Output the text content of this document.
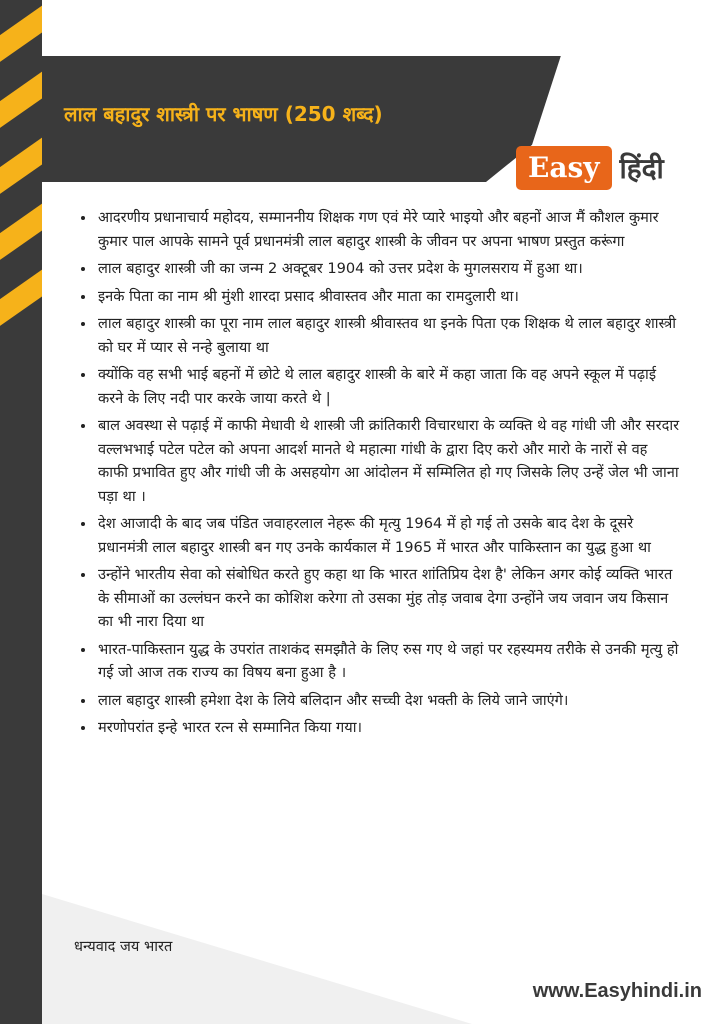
लाल बहादुर शास्त्री पर भाषण (250 शब्द)
Easy हिंदी
• आदरणीय प्रधानाचार्य महोदय, सम्माननीय शिक्षक गण एवं मेरे प्यारे भाइयो और बहनों आज मैं कौशल कुमार कुमार पाल आपके सामने पूर्व प्रधानमंत्री लाल बहादुर शास्त्री के जीवन पर अपना भाषण प्रस्तुत करूंगा
• लाल बहादुर शास्त्री जी का जन्म 2 अक्टूबर 1904 को उत्तर प्रदेश के मुगलसराय में हुआ था।
• इनके पिता का नाम श्री मुंशी शारदा प्रसाद श्रीवास्तव और माता का रामदुलारी था।
• लाल बहादुर शास्त्री का पूरा नाम लाल बहादुर शास्त्री श्रीवास्तव था इनके पिता एक शिक्षक थे लाल बहादुर शास्त्री को घर में प्यार से नन्हे बुलाया था
• क्योंकि वह सभी भाई बहनों में छोटे थे लाल बहादुर शास्त्री के बारे में कहा जाता कि वह अपने स्कूल में पढ़ाई करने के लिए नदी पार करके जाया करते थे |
• बाल अवस्था से पढ़ाई में काफी मेधावी थे शास्त्री जी क्रांतिकारी विचारधारा के व्यक्ति थे वह गांधी जी और सरदार वल्लभभाई पटेल पटेल को अपना आदर्श मानते थे महात्मा गांधी के द्वारा दिए करो और मारो के नारों से वह काफी प्रभावित हुए और गांधी जी के असहयोग आ आंदोलन में सम्मिलित हो गए जिसके लिए उन्हें जेल भी जाना पड़ा था ।
• देश आजादी के बाद जब पंडित जवाहरलाल नेहरू की मृत्यु 1964 में हो गई तो उसके बाद देश के दूसरे प्रधानमंत्री लाल बहादुर शास्त्री बन गए उनके कार्यकाल में 1965 में भारत और पाकिस्तान का युद्ध हुआ था
• उन्होंने भारतीय सेवा को संबोधित करते हुए कहा था कि भारत शांतिप्रिय देश है' लेकिन अगर कोई व्यक्ति भारत के सीमाओं का उल्लंघन करने का कोशिश करेगा तो उसका मुंह तोड़ जवाब देगा उन्होंने जय जवान जय किसान का भी नारा दिया था
• भारत-पाकिस्तान युद्ध के उपरांत ताशकंद समझौते के लिए रुस गए थे जहां पर रहस्यमय तरीके से उनकी मृत्यु हो गई जो आज तक राज्य का विषय बना हुआ है ।
• लाल बहादुर शास्त्री हमेशा देश के लिये बलिदान और सच्ची देश भक्ती के लिये जाने जाएंगे।
• मरणोपरांत इन्हे भारत रत्न से सम्मानित किया गया।
धन्यवाद जय भारत
www.Easyhindi.in
